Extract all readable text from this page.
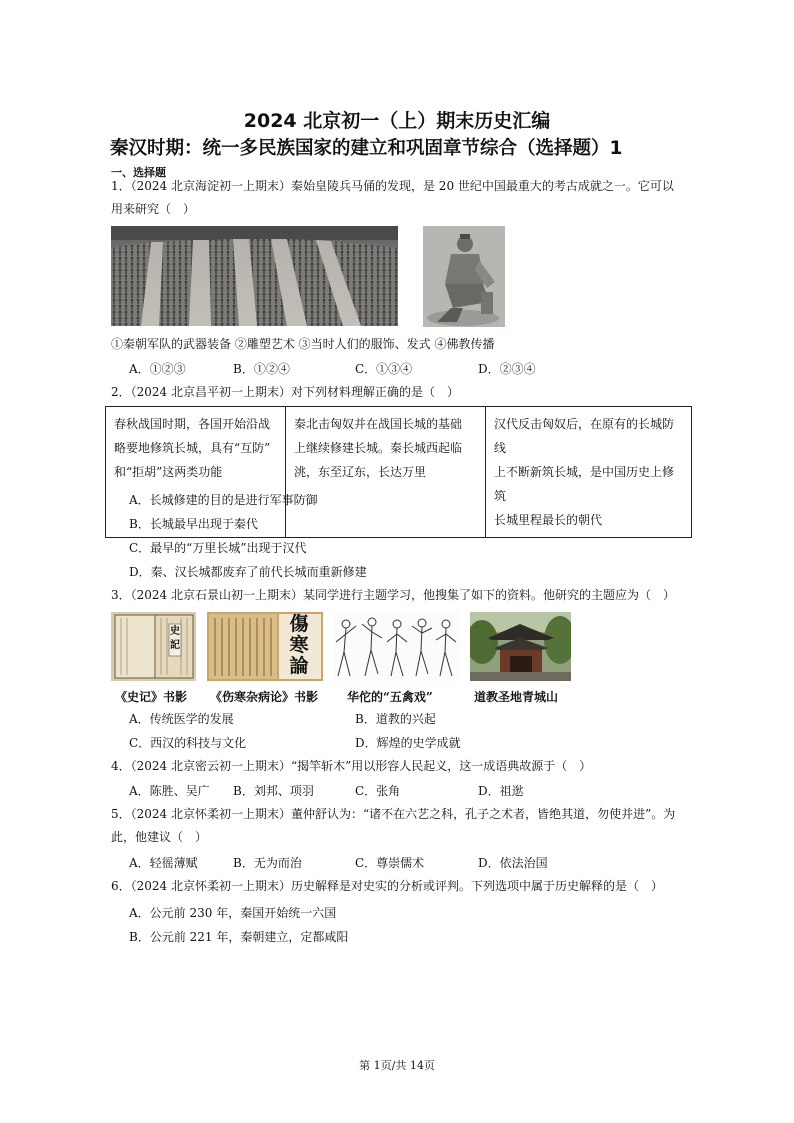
2024 北京初一（上）期末历史汇编
秦汉时期：统一多民族国家的建立和巩固章节综合（选择题）1
一、选择题
1．（2024 北京海淀初一上期末）秦始皇陵兵马俑的发现，是 20 世纪中国最重大的考古成就之一。它可以
用来研究（　）
①秦朝军队的武器装备 ②雕塑艺术 ③当时人们的服饰、发式 ④佛教传播
A．①②③	B．①②④	C．①③④	D．②③④
2．（2024 北京昌平初一上期末）对下列材料理解正确的是（　）
春秋战国时期，各国开始沿战
略要地修筑长城，具有“互防”
和“拒胡”这两类功能

秦北击匈奴并在战国长城的基础
上继续修建长城。秦长城西起临
洮，东至辽东，长达万里

汉代反击匈奴后，在原有的长城防线
上不断新筑长城，是中国历史上修筑
长城里程最长的朝代
A．长城修建的目的是进行军事防御
B．长城最早出现于秦代
C．最早的“万里长城”出现于汉代
D．秦、汉长城都废弃了前代长城而重新修建
3．（2024 北京石景山初一上期末）某同学进行主题学习，他搜集了如下的资料。他研究的主题应为（　）
史記
傷
寒
論
《史记》书影 《伤寒杂病论》书影 华佗的“五禽戏”	道教圣地青城山
A．传统医学的发展	B．道教的兴起
C．西汉的科技与文化	D．辉煌的史学成就
4．（2024 北京密云初一上期末）“揭竿斩木”用以形容人民起义，这一成语典故源于（　）
A．陈胜、吴广 B．刘邦、项羽	C．张角	D．祖逖
5．（2024 北京怀柔初一上期末）董仲舒认为：“诸不在六艺之科，孔子之术者，皆绝其道，勿使并进”。为
此，他建议（　）
A．轻徭薄赋	B．无为而治	C．尊崇儒术	D．依法治国
6．（2024 北京怀柔初一上期末）历史解释是对史实的分析或评判。下列选项中属于历史解释的是（　）
A．公元前 230 年，秦国开始统一六国
B．公元前 221 年，秦朝建立，定都咸阳
第 1页/共 14页
